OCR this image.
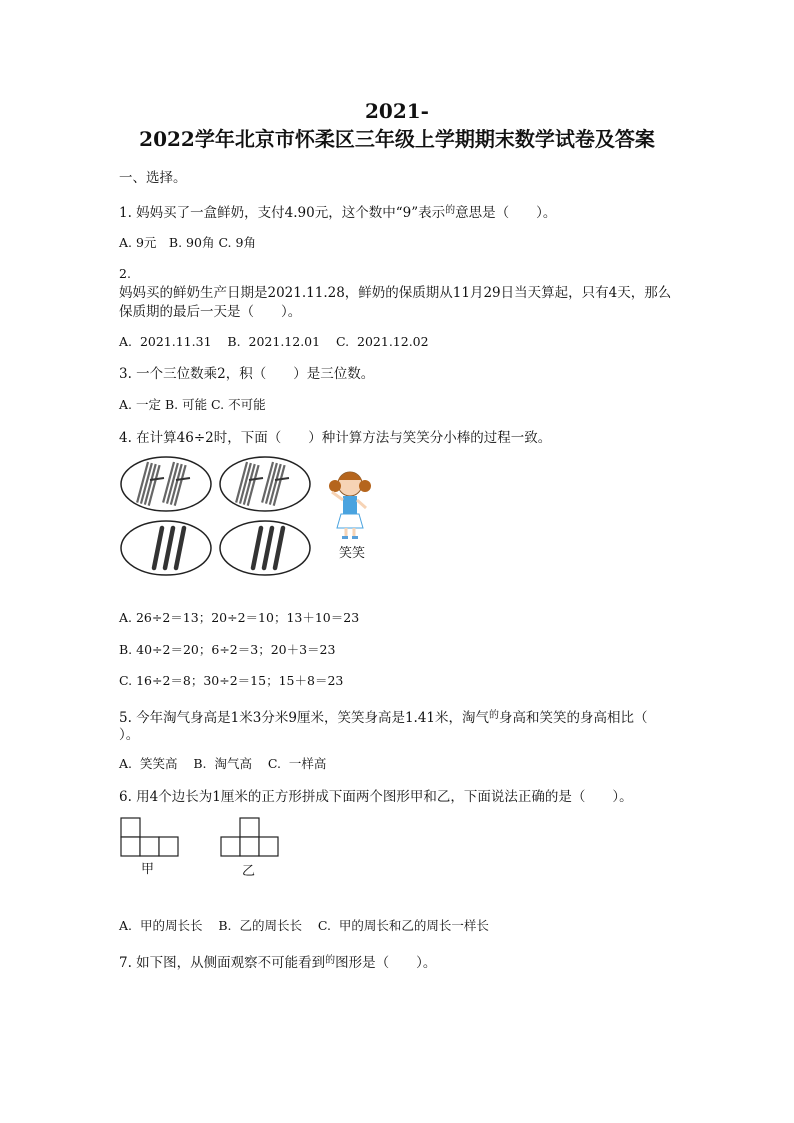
2021-
2022学年北京市怀柔区三年级上学期期末数学试卷及答案
一、选择。
1. 妈妈买了一盒鲜奶，支付4.90元，这个数中“9”表示$^的$意思是（　　）。
A. 9元　B. 90角 C. 9角
2.
妈妈买的鲜奶生产日期是2021.11.28，鲜奶的保质期从11月29日当天算起，只有4天，那么
保质期的最后一天是（　　）。
A.  2021.11.31    B.  2021.12.01    C.  2021.12.02
3. 一个三位数乘2，积（　　）是三位数。
A. 一定 B. 可能 C. 不可能
4. 在计算46÷2时，下面（　　）种计算方法与笑笑分小棒的过程一致。
笑笑
A. 26÷2＝13；20÷2＝10；13＋10＝23
B. 40÷2＝20；6÷2＝3；20＋3＝23
C. 16÷2＝8；30÷2＝15；15＋8＝23
5. 今年淘气身高是1米3分米9厘米，笑笑身高是1.41米，淘气$^的$身高和笑笑的身高相比（
）。
A.  笑笑高    B.  淘气高    C.  一样高
6. 用4个边长为1厘米的正方形拼成下面两个图形甲和乙，下面说法正确的是（　　）。
甲	乙
A.  甲的周长长    B.  乙的周长长    C.  甲的周长和乙的周长一样长
7. 如下图，从侧面观察不可能看到$^的$图形是（　　）。
